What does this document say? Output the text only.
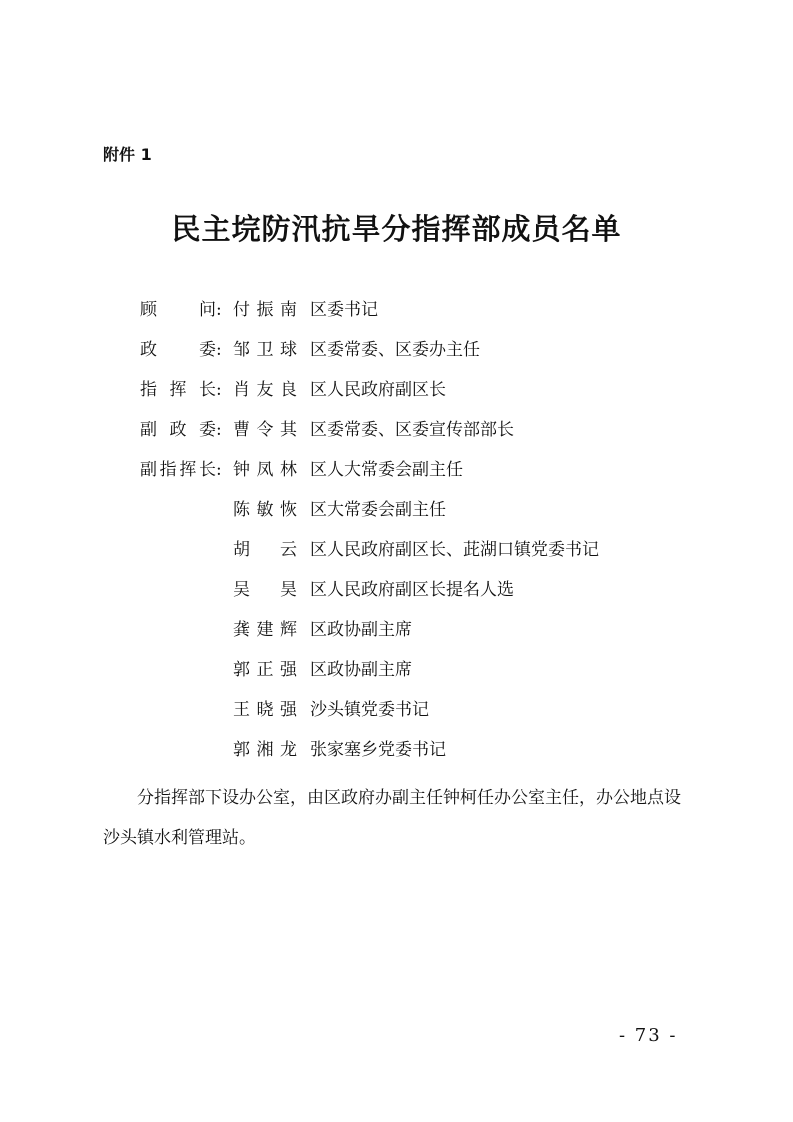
附件 1
民主垸防汛抗旱分指挥部成员名单
顾问: 付振南 区委书记
政委: 邹卫球 区委常委、区委办主任
指挥长: 肖友良 区人民政府副区长
副政委: 曹令其 区委常委、区委宣传部部长
副指挥长: 钟凤林 区人大常委会副主任
陈敏恢 区大常委会副主任
胡云 区人民政府副区长、茈湖口镇党委书记
吴昊 区人民政府副区长提名人选
龚建辉 区政协副主席
郭正强 区政协副主席
王晓强 沙头镇党委书记
郭湘龙 张家塞乡党委书记
分指挥部下设办公室，由区政府办副主任钟柯任办公室主任，办公地点设沙头镇水利管理站。
- 73 -
